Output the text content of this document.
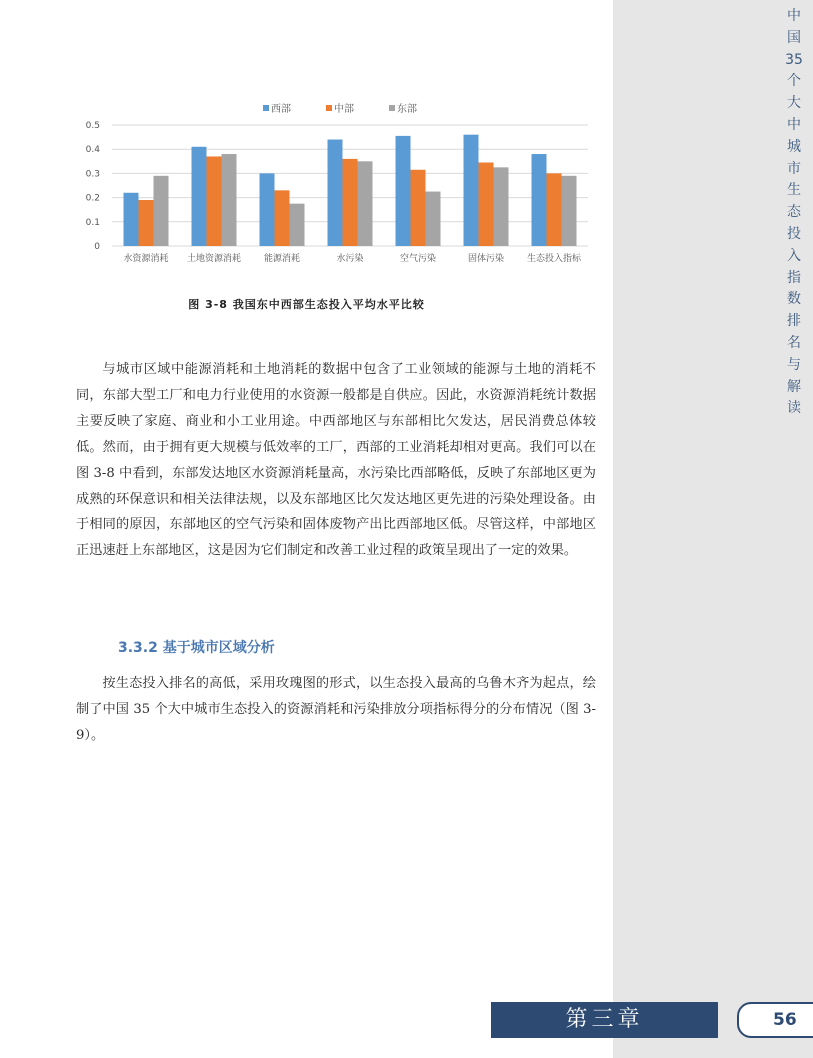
中国35个大中城市生态投入指数排名与解读
西部	中部	东部
0
0.1
0.2
0.3
0.4
0.5
水资源消耗 土地资源消耗	能源消耗	水污染	空气污染	固体污染	生态投入指标
图 3-8 我国东中西部生态投入平均水平比较
与城市区域中能源消耗和土地消耗的数据中包含了工业领域的能源与土地的消耗不同，东部大型工厂和电力行业使用的水资源一般都是自供应。因此，水资源消耗统计数据主要反映了家庭、商业和小工业用途。中西部地区与东部相比欠发达，居民消费总体较低。然而，由于拥有更大规模与低效率的工厂，西部的工业消耗却相对更高。我们可以在图 3-8 中看到，东部发达地区水资源消耗量高，水污染比西部略低，反映了东部地区更为成熟的环保意识和相关法律法规，以及东部地区比欠发达地区更先进的污染处理设备。由于相同的原因，东部地区的空气污染和固体废物产出比西部地区低。尽管这样，中部地区正迅速赶上东部地区，这是因为它们制定和改善工业过程的政策呈现出了一定的效果。
3.3.2 基于城市区域分析
按生态投入排名的高低，采用玫瑰图的形式，以生态投入最高的乌鲁木齐为起点，绘制了中国 35 个大中城市生态投入的资源消耗和污染排放分项指标得分的分布情况（图 3-9）。
第三章	56
